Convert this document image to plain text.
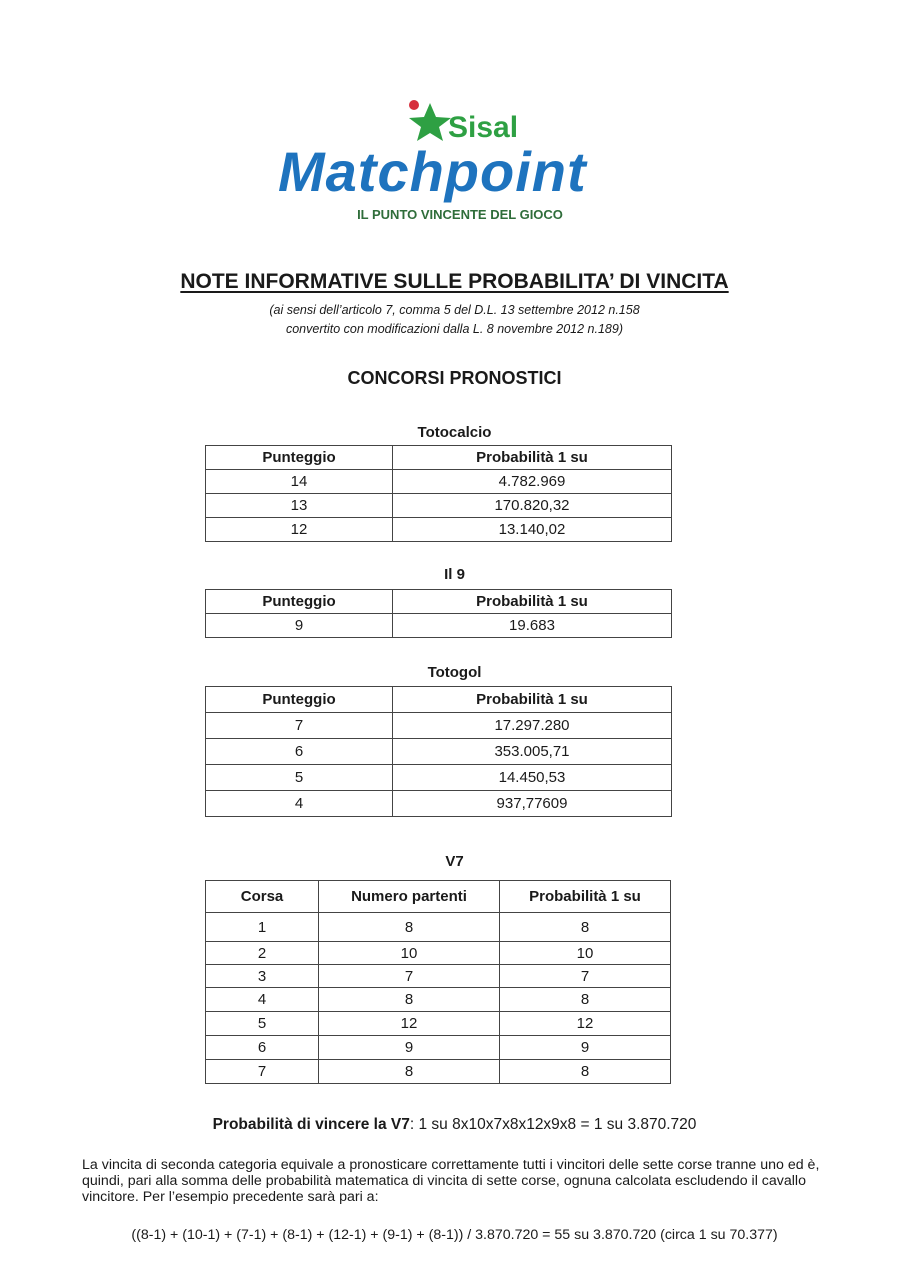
Sisal
Matchpoint
IL PUNTO VINCENTE DEL GIOCO
NOTE INFORMATIVE SULLE PROBABILITA’ DI VINCITA
(ai sensi dell’articolo 7, comma 5 del D.L. 13 settembre 2012 n.158
convertito con modificazioni dalla L. 8 novembre 2012 n.189)
CONCORSI PRONOSTICI
Totocalcio
Punteggio	Probabilità 1 su
14	4.782.969
13	170.820,32
12	13.140,02
Il 9
Punteggio	Probabilità 1 su
9	19.683
Totogol
Punteggio	Probabilità 1 su
7	17.297.280
6	353.005,71
5	14.450,53
4	937,77609
V7
Corsa	Numero partenti	Probabilità 1 su
1	8	8
2	10	10
3	7	7
4	8	8
5	12	12
6	9	9
7	8	8
Probabilità di vincere la V7: 1 su 8x10x7x8x12x9x8 = 1 su 3.870.720
La vincita di seconda categoria equivale a pronosticare correttamente tutti i vincitori delle sette corse tranne uno ed è, quindi, pari alla somma delle probabilità matematica di vincita di sette corse, ognuna calcolata escludendo il cavallo vincitore. Per l’esempio precedente sarà pari a:
((8-1) + (10-1) + (7-1) + (8-1) + (12-1) + (9-1) + (8-1)) / 3.870.720 = 55 su 3.870.720 (circa 1 su 70.377)
